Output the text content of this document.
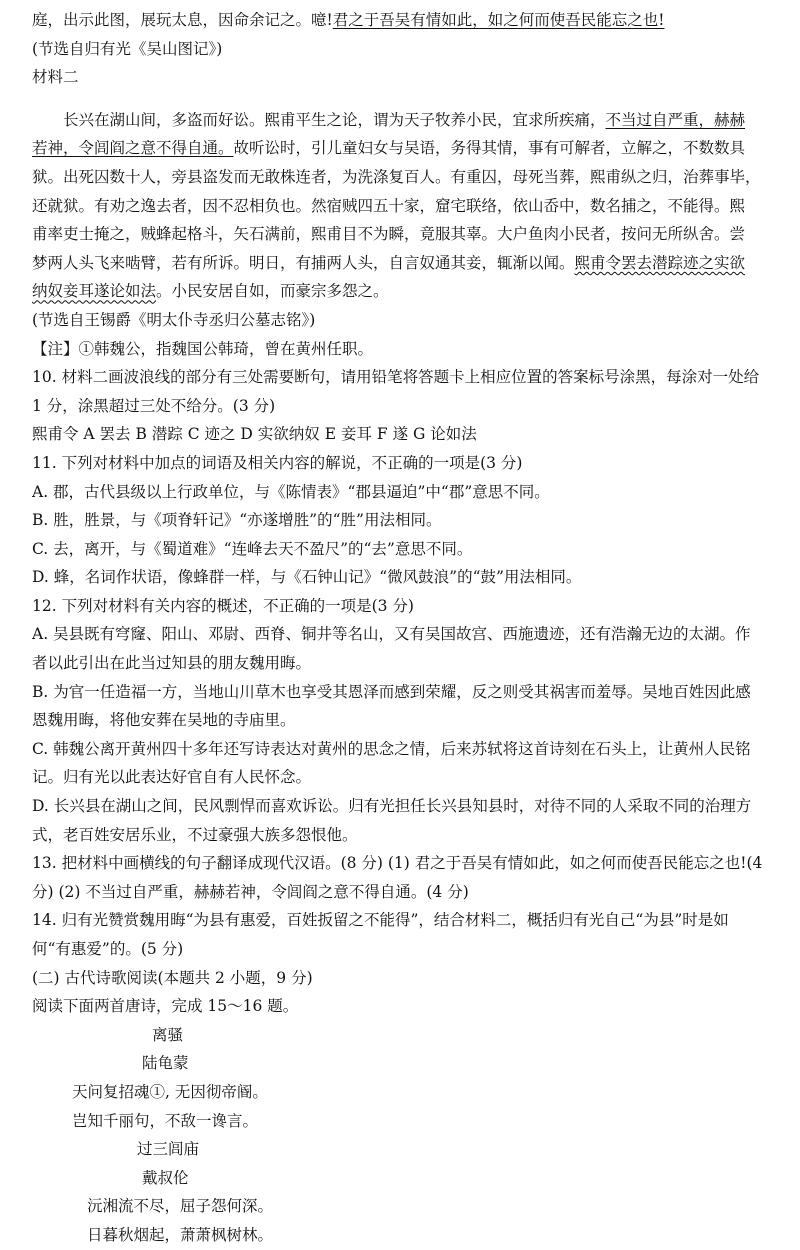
庭，出示此图，展玩太息，因命余记之。噫!君之于吾吴有情如此，如之何而使吾民能忘之也!
(节选自归有光《吴山图记》)
材料二
长兴在湖山间，多盗而好讼。熙甫平生之论，谓为天子牧养小民，宜求所疾痛，不当过自严重，赫赫
若神，令闾阎之意不得自通。故听讼时，引儿童妇女与吴语，务得其情，事有可解者，立解之，不数数具
狱。出死囚数十人，旁县盗发而无敢株连者，为洗涤复百人。有重囚，母死当葬，熙甫纵之归，治葬事毕，
还就狱。有劝之逸去者，因不忍相负也。然宿贼四五十家，窟宅联络，依山岙中，数名捕之，不能得。熙
甫率吏士掩之，贼蜂起格斗，矢石满前，熙甫目不为瞬，竟服其辜。大户鱼肉小民者，按问无所纵舍。尝
梦两人头飞来啮臂，若有所诉。明日，有捕两人头，自言奴通其妾，辄渐以闻。熙甫令罢去潜踪迹之实欲
纳奴妾耳遂论如法。小民安居自如，而豪宗多怨之。
(节选自王锡爵《明太仆寺丞归公墓志铭》)
【注】①韩魏公，指魏国公韩琦，曾在黄州任职。
10. 材料二画波浪线的部分有三处需要断句，请用铅笔将答题卡上相应位置的答案标号涂黑，每涂对一处给
1 分，涂黑超过三处不给分。(3 分)
熙甫令 A 罢去 B 潜踪 C 迹之 D 实欲纳奴 E 妾耳 F 遂 G 论如法
11. 下列对材料中加点的词语及相关内容的解说，不正确的一项是(3 分)
A. 郡，古代县级以上行政单位，与《陈情表》“郡县逼迫”中“郡”意思不同。
B. 胜，胜景，与《项脊轩记》“亦遂增胜”的“胜”用法相同。
C. 去，离开，与《蜀道难》“连峰去天不盈尺”的“去”意思不同。
D. 蜂，名词作状语，像蜂群一样，与《石钟山记》“微风鼓浪”的“鼓”用法相同。
12. 下列对材料有关内容的概述，不正确的一项是(3 分)
A. 吴县既有穹窿、阳山、邓尉、西脊、铜井等名山，又有吴国故宫、西施遗迹，还有浩瀚无边的太湖。作
者以此引出在此当过知县的朋友魏用晦。
B. 为官一任造福一方，当地山川草木也享受其恩泽而感到荣耀，反之则受其祸害而羞辱。吴地百姓因此感
恩魏用晦，将他安葬在吴地的寺庙里。
C. 韩魏公离开黄州四十多年还写诗表达对黄州的思念之情，后来苏轼将这首诗刻在石头上，让黄州人民铭
记。归有光以此表达好官自有人民怀念。
D. 长兴县在湖山之间，民风剽悍而喜欢诉讼。归有光担任长兴县知县时，对待不同的人采取不同的治理方
式，老百姓安居乐业，不过豪强大族多怨恨他。
13. 把材料中画横线的句子翻译成现代汉语。(8 分) (1) 君之于吾吴有情如此，如之何而使吾民能忘之也!(4
分) (2) 不当过自严重，赫赫若神，令闾阎之意不得自通。(4 分)
14. 归有光赞赏魏用晦“为县有惠爱，百姓扳留之不能得”，结合材料二，概括归有光自己“为县”时是如
何“有惠爱”的。(5 分)
(二) 古代诗歌阅读(本题共 2 小题，9 分)
阅读下面两首唐诗，完成 15～16 题。
离骚
陆龟蒙
天问复招魂①, 无因彻帝阍。
岂知千丽句，不敌一谗言。
过三闾庙
戴叔伦
沅湘流不尽，屈子怨何深。
日暮秋烟起，萧萧枫树林。
